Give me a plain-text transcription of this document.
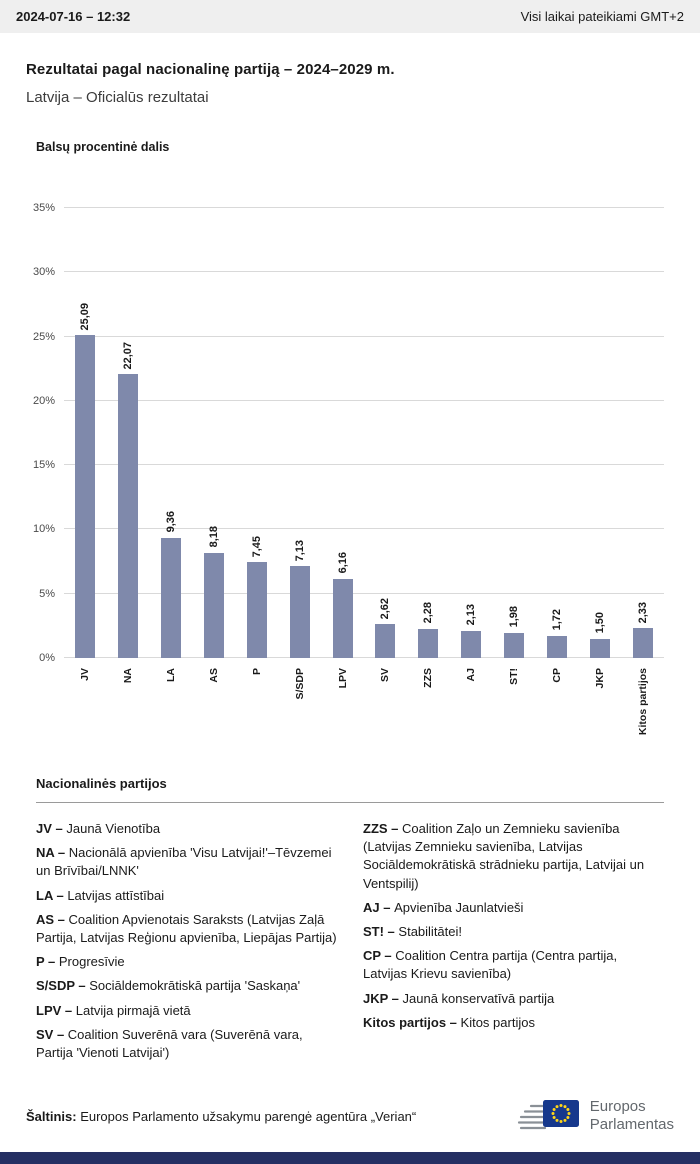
2024-07-16 – 12:32	Visi laikai pateikiami GMT+2
Rezultatai pagal nacionalinę partiją – 2024–2029 m.
Latvija – Oficialūs rezultatai
Balsų procentinė dalis
0%
5%
10%
15%
20%
25%
30%
35%
25,09
JV
22,07
NA
9,36
LA
8,18
AS
7,45
P
7,13
S/SDP
6,16
LPV
2,62
SV
2,28
ZZS
2,13
AJ
1,98
ST!
1,72
CP
1,50
JKP
2,33
Kitos partijos
Nacionalinės partijos

JV – Jaunā Vienotība

NA – Nacionālā apvienība 'Visu Latvijai!'–Tēvzemei un Brīvībai/LNNK'

LA – Latvijas attīstībai

AS – Coalition Apvienotais Saraksts (Latvijas Zaļā Partija, Latvijas Reģionu apvienība, Liepājas Partija)

P – Progresīvie

S/SDP – Sociāldemokrātiskā partija 'Saskaņa'

LPV – Latvija pirmajā vietā

SV – Coalition Suverēnā vara (Suverēnā vara, Partija 'Vienoti Latvijai')

ZZS – Coalition Zaļo un Zemnieku savienība (Latvijas Zemnieku savienība, Latvijas Sociāldemokrātiskā strādnieku partija, Latvijai un Ventspilij)

AJ – Apvienība Jaunlatvieši

ST! – Stabilitātei!

CP – Coalition Centra partija (Centra partija, Latvijas Krievu savienība)

JKP – Jaunā konservatīvā partija

Kitos partijos – Kitos partijos

Šaltinis: Europos Parlamento užsakymu parengė agentūra „Verian“
Europos
Parlamentas
